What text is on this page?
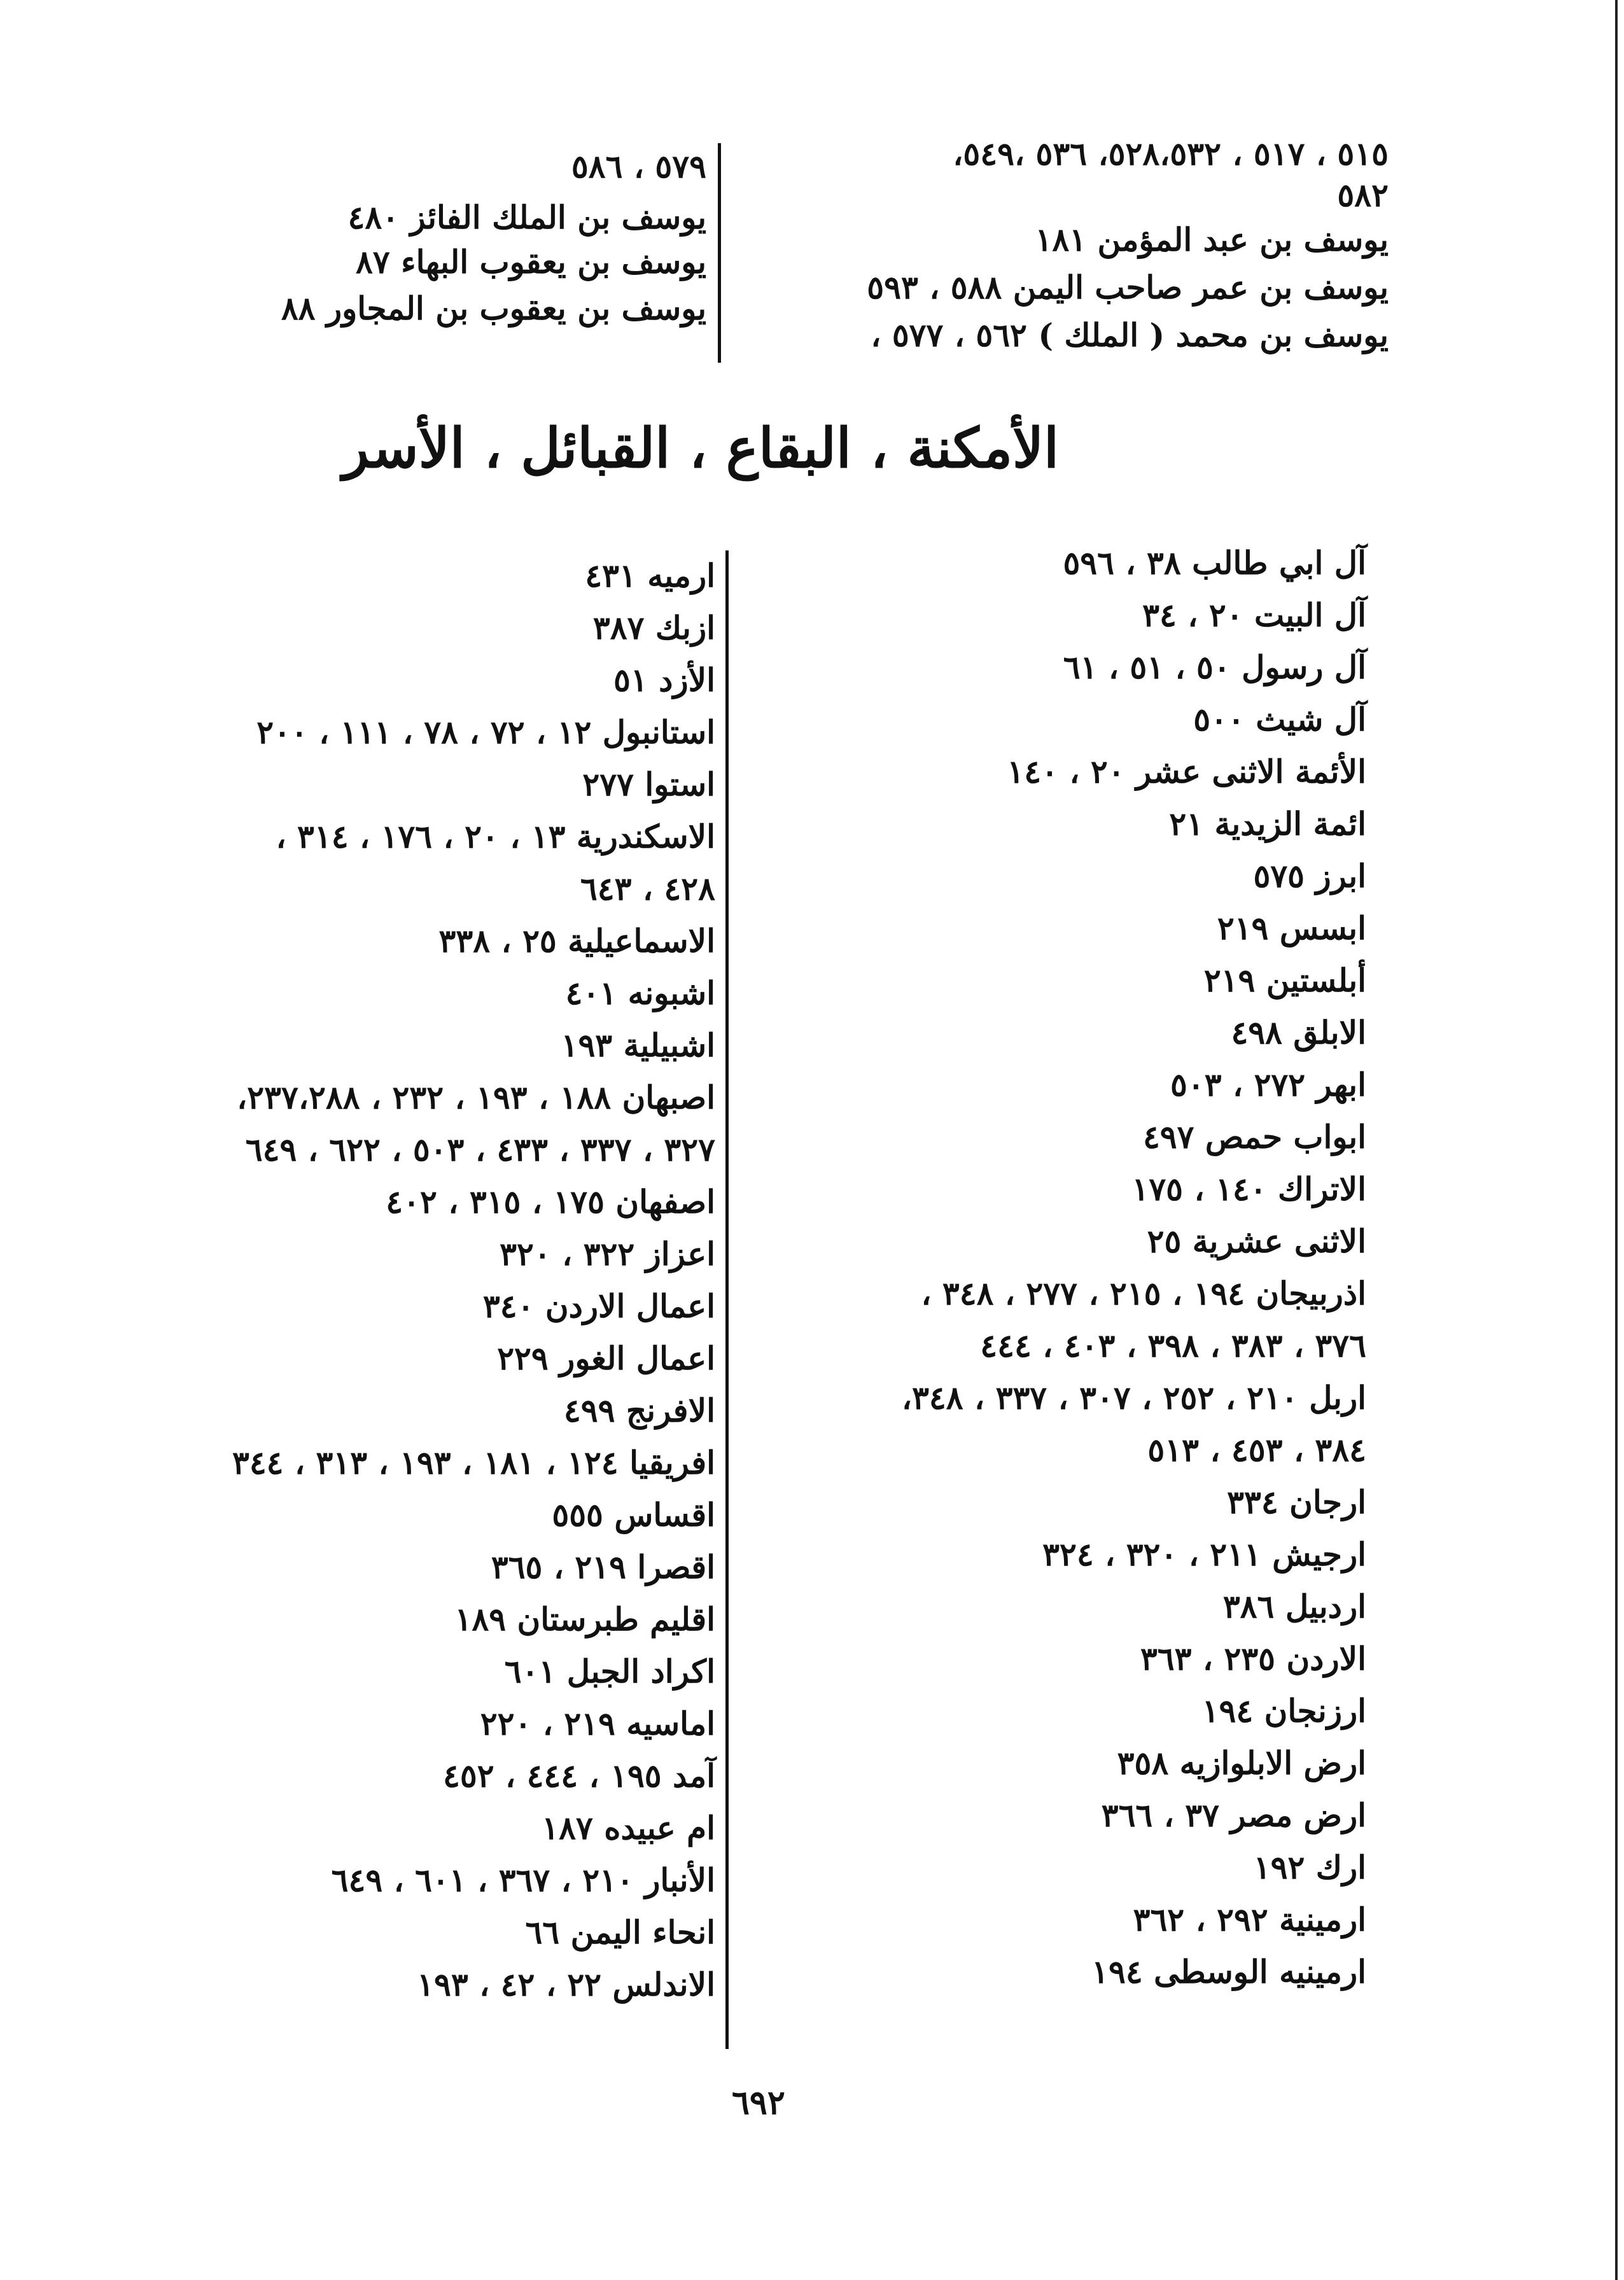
٥١٥ ، ٥١٧ ، ٥٢٨،٥٣٢، ٥٣٦ ،٥٤٩،
٥٨٢
يوسف بن عبد المؤمن ١٨١
يوسف بن عمر صاحب اليمن ٥٨٨ ، ٥٩٣
يوسف بن محمد ( الملك ) ٥٦٢ ، ٥٧٧ ،
٥٧٩ ، ٥٨٦
يوسف بن الملك الفائز ٤٨٠
يوسف بن يعقوب البهاء ٨٧
يوسف بن يعقوب بن المجاور ٨٨
الأمكنة ، البقاع ، القبائل ، الأسر
آل ابي طالب ٣٨ ، ٥٩٦
آل البيت ٢٠ ، ٣٤
آل رسول ٥٠ ، ٥١ ، ٦١
آل شيث ٥٠٠
الأئمة الاثنى عشر ٢٠ ، ١٤٠
ائمة الزيدية ٢١
ابرز ٥٧٥
ابسس ٢١٩
أبلستين ٢١٩
الابلق ٤٩٨
ابهر ٢٧٢ ، ٥٠٣
ابواب حمص ٤٩٧
الاتراك ١٤٠ ، ١٧٥
الاثنى عشرية ٢٥
اذربيجان ١٩٤ ، ٢١٥ ، ٢٧٧ ، ٣٤٨ ،
٣٧٦ ، ٣٨٣ ، ٣٩٨ ، ٤٠٣ ، ٤٤٤
اربل ٢١٠ ، ٢٥٢ ، ٣٠٧ ، ٣٣٧ ، ٣٤٨،
٣٨٤ ، ٤٥٣ ، ٥١٣
ارجان ٣٣٤
ارجيش ٢١١ ، ٣٢٠ ، ٣٢٤
اردبيل ٣٨٦
الاردن ٢٣٥ ، ٣٦٣
ارزنجان ١٩٤
ارض الابلوازيه ٣٥٨
ارض مصر ٣٧ ، ٣٦٦
ارك ١٩٢
ارمينية ٢٩٢ ، ٣٦٢
ارمينيه الوسطى ١٩٤
ارميه ٤٣١
ازبك ٣٨٧
الأزد ٥١
استانبول ١٢ ، ٧٢ ، ٧٨ ، ١١١ ، ٢٠٠
استوا ٢٧٧
الاسكندرية ١٣ ، ٢٠ ، ١٧٦ ، ٣١٤ ،
٤٢٨ ، ٦٤٣
الاسماعيلية ٢٥ ، ٣٣٨
اشبونه ٤٠١
اشبيلية ١٩٣
اصبهان ١٨٨ ، ١٩٣ ، ٢٣٢ ، ٢٣٧،٢٨٨،
٣٢٧ ، ٣٣٧ ، ٤٣٣ ، ٥٠٣ ، ٦٢٢ ، ٦٤٩
اصفهان ١٧٥ ، ٣١٥ ، ٤٠٢
اعزاز ٣٢٢ ، ٣٢٠
اعمال الاردن ٣٤٠
اعمال الغور ٢٢٩
الافرنج ٤٩٩
افريقيا ١٢٤ ، ١٨١ ، ١٩٣ ، ٣١٣ ، ٣٤٤
اقساس ٥٥٥
اقصرا ٢١٩ ، ٣٦٥
اقليم طبرستان ١٨٩
اكراد الجبل ٦٠١
اماسيه ٢١٩ ، ٢٢٠
آمد ١٩٥ ، ٤٤٤ ، ٤٥٢
ام عبيده ١٨٧
الأنبار ٢١٠ ، ٣٦٧ ، ٦٠١ ، ٦٤٩
انحاء اليمن ٦٦
الاندلس ٢٢ ، ٤٢ ، ١٩٣
٦٩٢
